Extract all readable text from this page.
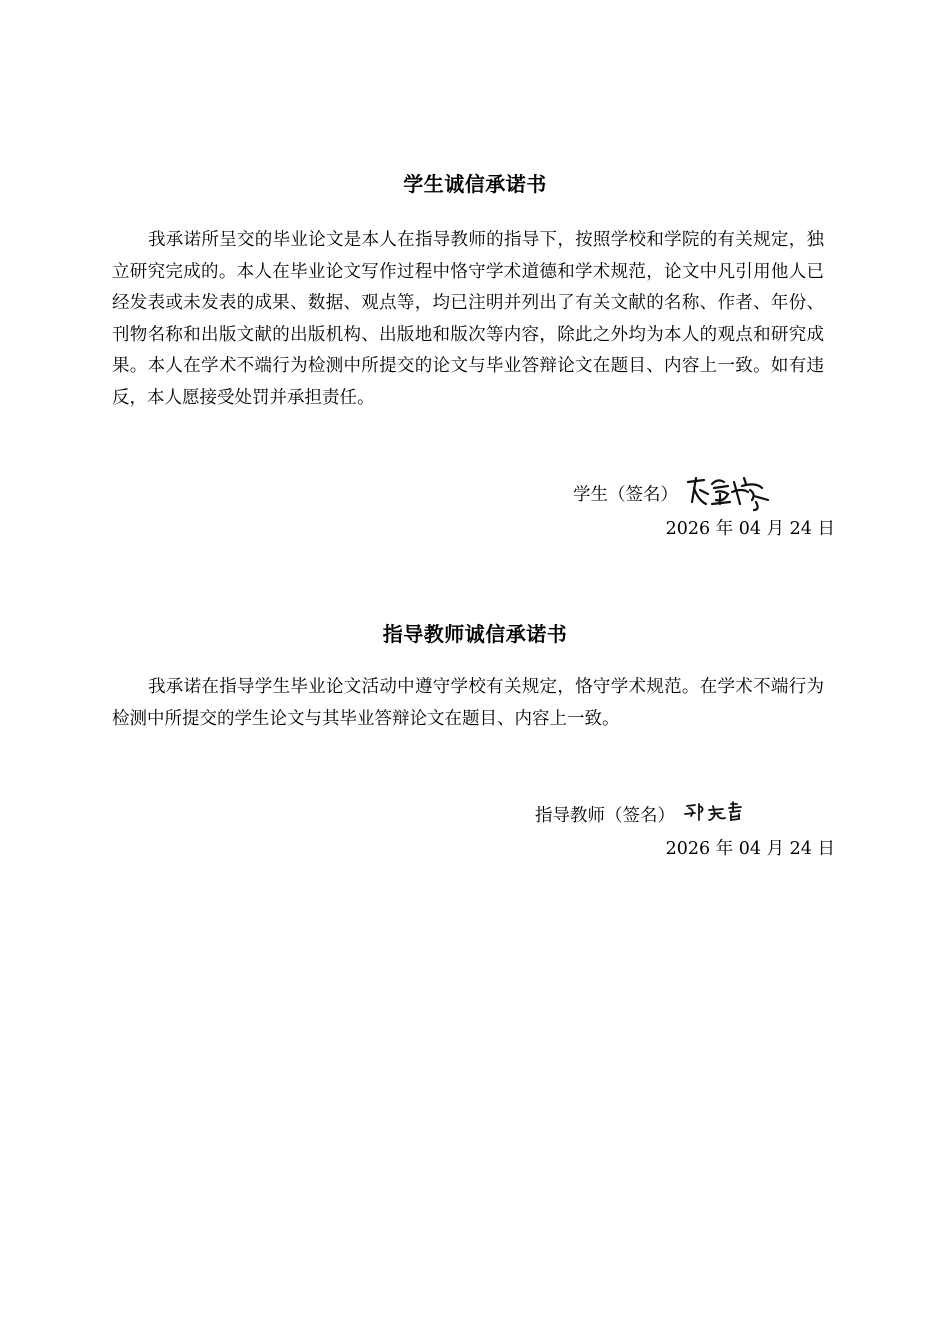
学生诚信承诺书
我承诺所呈交的毕业论文是本人在指导教师的指导下，按照学校和学院的有关规定，独立研究完成的。本人在毕业论文写作过程中恪守学术道德和学术规范，论文中凡引用他人已经发表或未发表的成果、数据、观点等，均已注明并列出了有关文献的名称、作者、年份、刊物名称和出版文献的出版机构、出版地和版次等内容，除此之外均为本人的观点和研究成果。本人在学术不端行为检测中所提交的论文与毕业答辩论文在题目、内容上一致。如有违反，本人愿接受处罚并承担责任。
学生（签名）
2026 年 04 月 24 日
指导教师诚信承诺书
我承诺在指导学生毕业论文活动中遵守学校有关规定，恪守学术规范。在学术不端行为检测中所提交的学生论文与其毕业答辩论文在题目、内容上一致。
指导教师（签名）
2026 年 04 月 24 日
